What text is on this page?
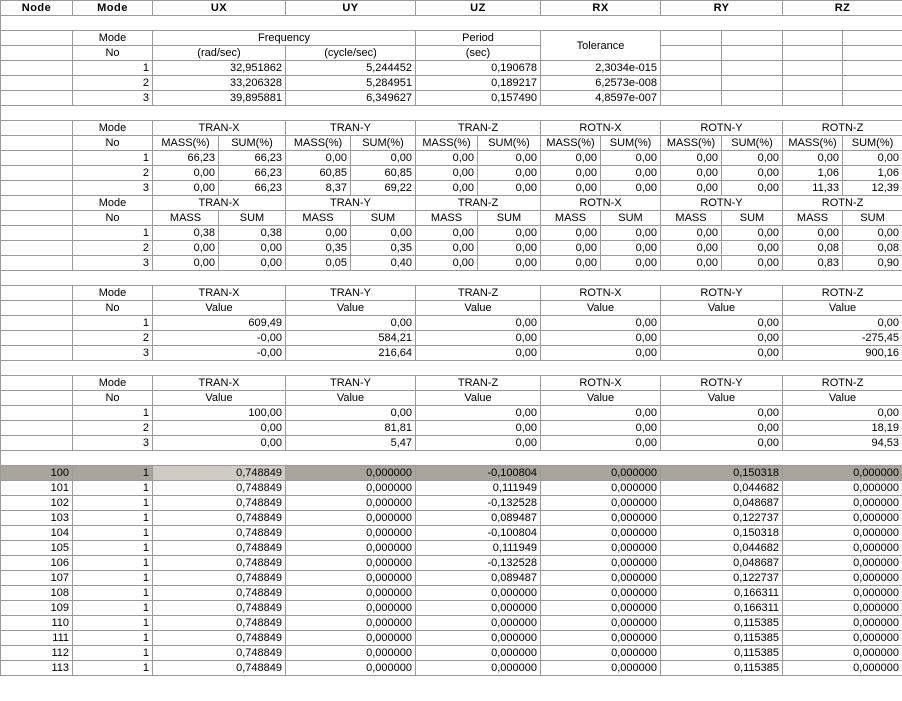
Node	Mode	UX		UY		UZ		RX		RY		RZ	
E I G E N V A L U E A N A L Y S I S													
	Mode	Frequency				Period		Tolerance					
	No	(rad/sec)		(cycle/sec)		(sec)							
	1	32,951862		5,244452		0,190678		2,3034e-015					
	2	33,206328		5,284951		0,189217		6,2573e-008					
	3	39,895881		6,349627		0,157490		4,8597e-007					
MODAL PARTICIPATION MASSES PRINTOUT													
	Mode	TRAN-X		TRAN-Y		TRAN-Z		ROTN-X		ROTN-Y		ROTN-Z	
	No	MASS(%)	SUM(%)	MASS(%)	SUM(%)	MASS(%)	SUM(%)	MASS(%)	SUM(%)	MASS(%)	SUM(%)	MASS(%)	SUM(%)
	1	66,23	66,23	0,00	0,00	0,00	0,00	0,00	0,00	0,00	0,00	0,00	0,00
	2	0,00	66,23	60,85	60,85	0,00	0,00	0,00	0,00	0,00	0,00	1,06	1,06
	3	0,00	66,23	8,37	69,22	0,00	0,00	0,00	0,00	0,00	0,00	11,33	12,39
	Mode	TRAN-X		TRAN-Y		TRAN-Z		ROTN-X		ROTN-Y		ROTN-Z	
	No	MASS	SUM	MASS	SUM	MASS	SUM	MASS	SUM	MASS	SUM	MASS	SUM
	1	0,38	0,38	0,00	0,00	0,00	0,00	0,00	0,00	0,00	0,00	0,00	0,00
	2	0,00	0,00	0,35	0,35	0,00	0,00	0,00	0,00	0,00	0,00	0,08	0,08
	3	0,00	0,00	0,05	0,40	0,00	0,00	0,00	0,00	0,00	0,00	0,83	0,90
MODAL PARTICIPATION FACTOR PRINTOUT													
	Mode	TRAN-X		TRAN-Y		TRAN-Z		ROTN-X		ROTN-Y		ROTN-Z	
	No	Value		Value		Value		Value		Value		Value	
	1	609,49		0,00		0,00		0,00		0,00		0,00	
	2	-0,00		584,21		0,00		0,00		0,00		-275,45	
	3	-0,00		216,64		0,00		0,00		0,00		900,16	
MODAL DIRECTION FACTOR PRINTOUT													
	Mode	TRAN-X		TRAN-Y		TRAN-Z		ROTN-X		ROTN-Y		ROTN-Z	
	No	Value		Value		Value		Value		Value		Value	
	1	100,00		0,00		0,00		0,00		0,00		0,00	
	2	0,00		81,81		0,00		0,00		0,00		18,19	
	3	0,00		5,47		0,00		0,00		0,00		94,53	
E I G E N V E C T O R													
100	1	0,748849		0,000000		-0,100804		0,000000		0,150318		0,000000	
101	1	0,748849		0,000000		0,111949		0,000000		0,044682		0,000000	
102	1	0,748849		0,000000		-0,132528		0,000000		0,048687		0,000000	
103	1	0,748849		0,000000		0,089487		0,000000		0,122737		0,000000	
104	1	0,748849		0,000000		-0,100804		0,000000		0,150318		0,000000	
105	1	0,748849		0,000000		0,111949		0,000000		0,044682		0,000000	
106	1	0,748849		0,000000		-0,132528		0,000000		0,048687		0,000000	
107	1	0,748849		0,000000		0,089487		0,000000		0,122737		0,000000	
108	1	0,748849		0,000000		0,000000		0,000000		0,166311		0,000000	
109	1	0,748849		0,000000		0,000000		0,000000		0,166311		0,000000	
110	1	0,748849		0,000000		0,000000		0,000000		0,115385		0,000000	
111	1	0,748849		0,000000		0,000000		0,000000		0,115385		0,000000	
112	1	0,748849		0,000000		0,000000		0,000000		0,115385		0,000000	
113	1	0,748849		0,000000		0,000000		0,000000		0,115385		0,000000	
